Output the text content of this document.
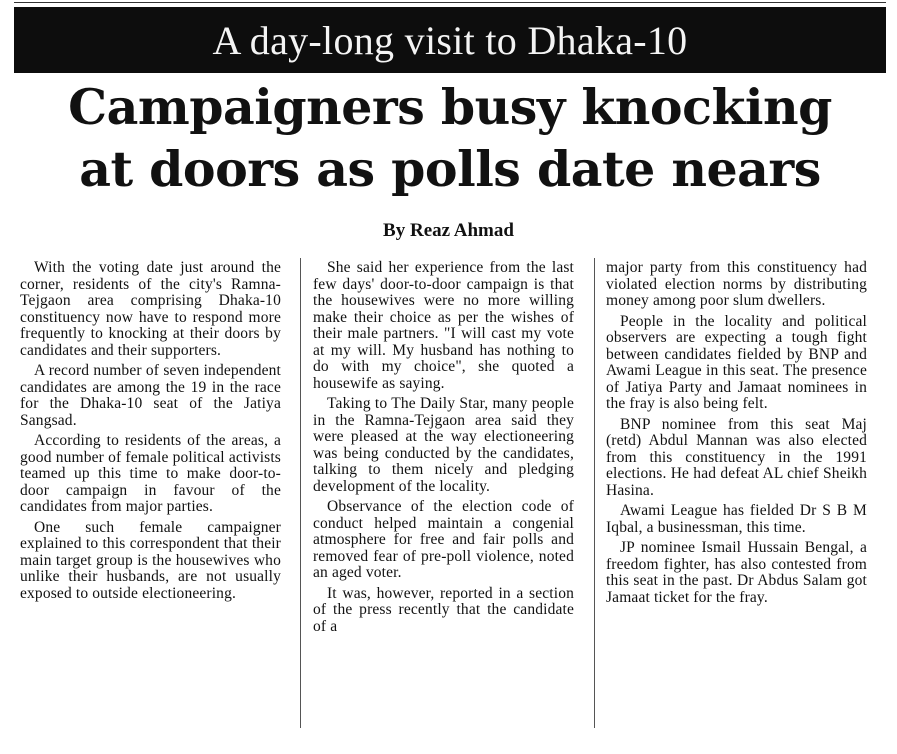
A day-long visit to Dhaka-10
Campaigners busy knocking
at doors as polls date nears
By Reaz Ahmad

With the voting date just around the corner, residents of the city's Ramna-Tejgaon area comprising Dhaka-10 constituency now have to respond more frequently to knocking at their doors by candidates and their supporters.

A record number of seven independent candidates are among the 19 in the race for the Dhaka-10 seat of the Jatiya Sangsad.

According to residents of the areas, a good number of female political activists teamed up this time to make door-to-door campaign in favour of the candidates from major parties.

One such female campaigner explained to this correspondent that their main target group is the housewives who unlike their husbands, are not usually exposed to outside electioneering.

She said her experience from the last few days' door-to-door campaign is that the housewives were no more willing make their choice as per the wishes of their male partners. "I will cast my vote at my will. My husband has nothing to do with my choice", she quoted a housewife as saying.

Taking to The Daily Star, many people in the Ramna-Tejgaon area said they were pleased at the way electioneering was being conducted by the candidates, talking to them nicely and pledging development of the locality.

Observance of the election code of conduct helped maintain a congenial atmosphere for free and fair polls and removed fear of pre-poll violence, noted an aged voter.

It was, however, reported in a section of the press recently that the candidate of a

major party from this constituency had violated election norms by distributing money among poor slum dwellers.

People in the locality and political observers are expecting a tough fight between candidates fielded by BNP and Awami League in this seat. The presence of Jatiya Party and Jamaat nominees in the fray is also being felt.

BNP nominee from this seat Maj (retd) Abdul Mannan was also elected from this constituency in the 1991 elections. He had defeat AL chief Sheikh Hasina.

Awami League has fielded Dr S B M Iqbal, a businessman, this time.

JP nominee Ismail Hussain Bengal, a freedom fighter, has also contested from this seat in the past. Dr Abdus Salam got Jamaat ticket for the fray.
